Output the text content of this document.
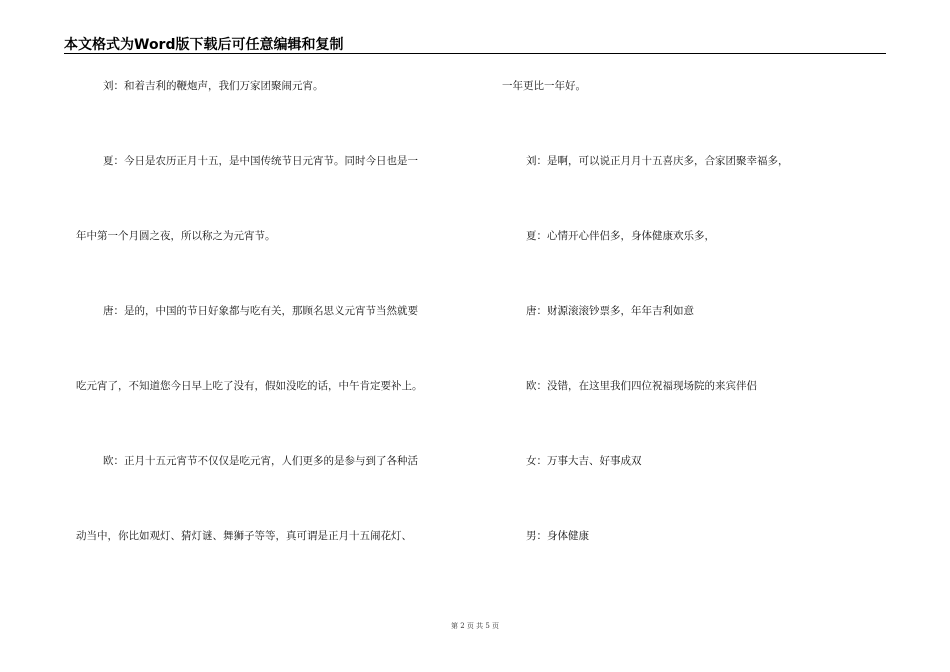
本文格式为Word版下载后可任意编辑和复制
刘：和着吉利的鞭炮声，我们万家团聚闹元宵。
夏：今日是农历正月十五，是中国传统节日元宵节。同时今日也是一
年中第一个月圆之夜，所以称之为元宵节。
唐：是的，中国的节日好象都与吃有关，那顾名思义元宵节当然就要
吃元宵了，不知道您今日早上吃了没有，假如没吃的话，中午肯定要补上。
欧：正月十五元宵节不仅仅是吃元宵，人们更多的是参与到了各种活
动当中，你比如观灯、猜灯谜、舞狮子等等，真可谓是正月十五闹花灯、
一年更比一年好。
刘：是啊，可以说正月月十五喜庆多，合家团聚幸福多，
夏：心情开心伴侣多，身体健康欢乐多，
唐：财源滚滚钞票多，年年吉利如意
欧：没错，在这里我们四位祝福现场院的来宾伴侣
女：万事大吉、好事成双
男：身体健康
第 2 页 共 5 页
